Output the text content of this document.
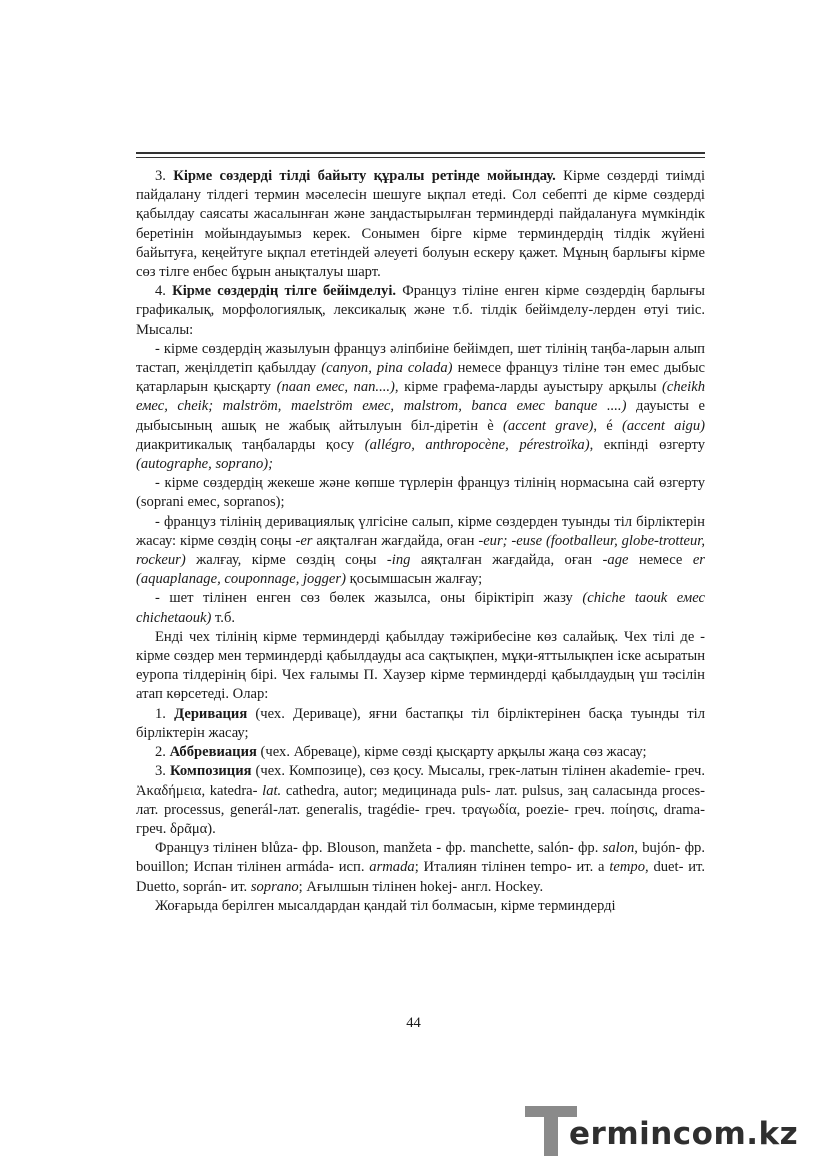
3. Кірме сөздерді тілді байыту құралы ретінде мойындау. Кірме сөздерді тиімді пайдалану тілдегі термин мәселесін шешуге ықпал етеді. Сол себепті де кірме сөздерді қабылдау саясаты жасалынған және заңдастырылған терминдерді пайдалануға мүмкіндік беретінін мойындауымыз керек. Сонымен бірге кірме терминдердің тілдік жүйені байытуға, кеңейтуге ықпал ететіндей әлеуеті болуын ескеру қажет. Мұның барлығы кірме сөз тілге енбес бұрын анықталуы шарт.

4. Кірме сөздердің тілге бейімделуі. Француз тіліне енген кірме сөздердің барлығы графикалық, морфологиялық, лексикалық және т.б. тілдік бейімделу-лерден өтуі тиіс. Мысалы:

- кірме сөздердің жазылуын француз әліпбиіне бейімдеп, шет тілінің таңба-ларын алып тастап, жеңілдетіп қабылдау (canyon, pina colada) немесе француз тіліне тән емес дыбыс қатарларын қысқарту (naan емес, nan....), кірме графема-ларды ауыстыру арқылы (cheikh емес, cheik; malström, maelström емес, malstrom, banca емес banque ....) дауысты е дыбысының ашық не жабық айтылуын біл-діретін è (accent grave), é (accent aigu) диакритикалық таңбаларды қосу (allégro, anthropocène, pérestroïka), екпінді өзгерту (autographe, soprano);

- кірме сөздердің жекеше және көпше түрлерін француз тілінің нормасына сай өзгерту (soprani емес, sopranos);

- француз тілінің деривациялық үлгісіне салып, кірме сөздерден туынды тіл бірліктерін жасау: кірме сөздің соңы -er аяқталған жағдайда, оған -eur; -euse (footballeur, globe-trotteur, rockeur) жалғау, кірме сөздің соңы -ing аяқталған жағдайда, оған -age немесе er (aquaplanage, couponnage, jogger) қосымшасын жалғау;

- шет тілінен енген сөз бөлек жазылса, оны біріктіріп жазу (chiche taouk емес chichetaouk) т.б.

Енді чех тілінің кірме терминдерді қабылдау тәжірибесіне көз салайық. Чех тілі де - кірме сөздер мен терминдерді қабылдауды аса сақтықпен, мұқи-яттылықпен іске асыратын еуропа тілдерінің бірі. Чех ғалымы П. Хаузер кірме терминдерді қабылдаудың үш тәсілін атап көрсетеді. Олар:

1. Деривация (чех. Деривацe), яғни бастапқы тіл бірліктерінен басқа туынды тіл бірліктерін жасау;

2. Аббревиация (чех. Абревацe), кірме сөзді қысқарту арқылы жаңа сөз жасау;

3. Композиция (чех. Композице), сөз қосу. Мысалы, грек-латын тілінен akademie- греч. Ἀκαδήμεια, katedra- lat. cathedra, autor; медицинада puls- лат. pulsus, заң саласында proces- лат. processus, generál-лат. generalis, tragédie- греч. τραγωδία, poezie- греч. ποίησις, drama- греч. δρᾶμα).

Француз тілінен blůza- фр. Blouson, manžeta - фр. manchette, salón- фр. salon, bujón- фр. bouillon; Испан тілінен armáda- исп. armada; Италиян тілінен tempo- ит. а tempo, duet- ит. Duetto, soprán- ит. soprano; Ағылшын тілінен hokej- англ. Hockey.

Жоғарыда берілген мысалдардан қандай тіл болмасын, кірме терминдерді

44
ermincom.kz
